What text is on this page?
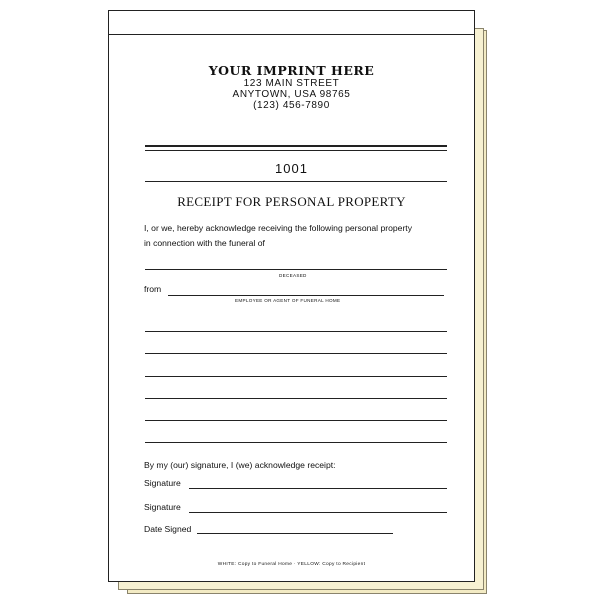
YOUR IMPRINT HERE
123 MAIN STREET
ANYTOWN, USA 98765
(123) 456-7890
1001
RECEIPT FOR PERSONAL PROPERTY
I, or we, hereby acknowledge receiving the following personal property
in connection with the funeral of
DECEASED
from
EMPLOYEE OR AGENT OF FUNERAL HOME
By my (our) signature, I (we) acknowledge receipt:
Signature
Signature
Date Signed
WHITE: Copy to Funeral Home · YELLOW: Copy to Recipient
